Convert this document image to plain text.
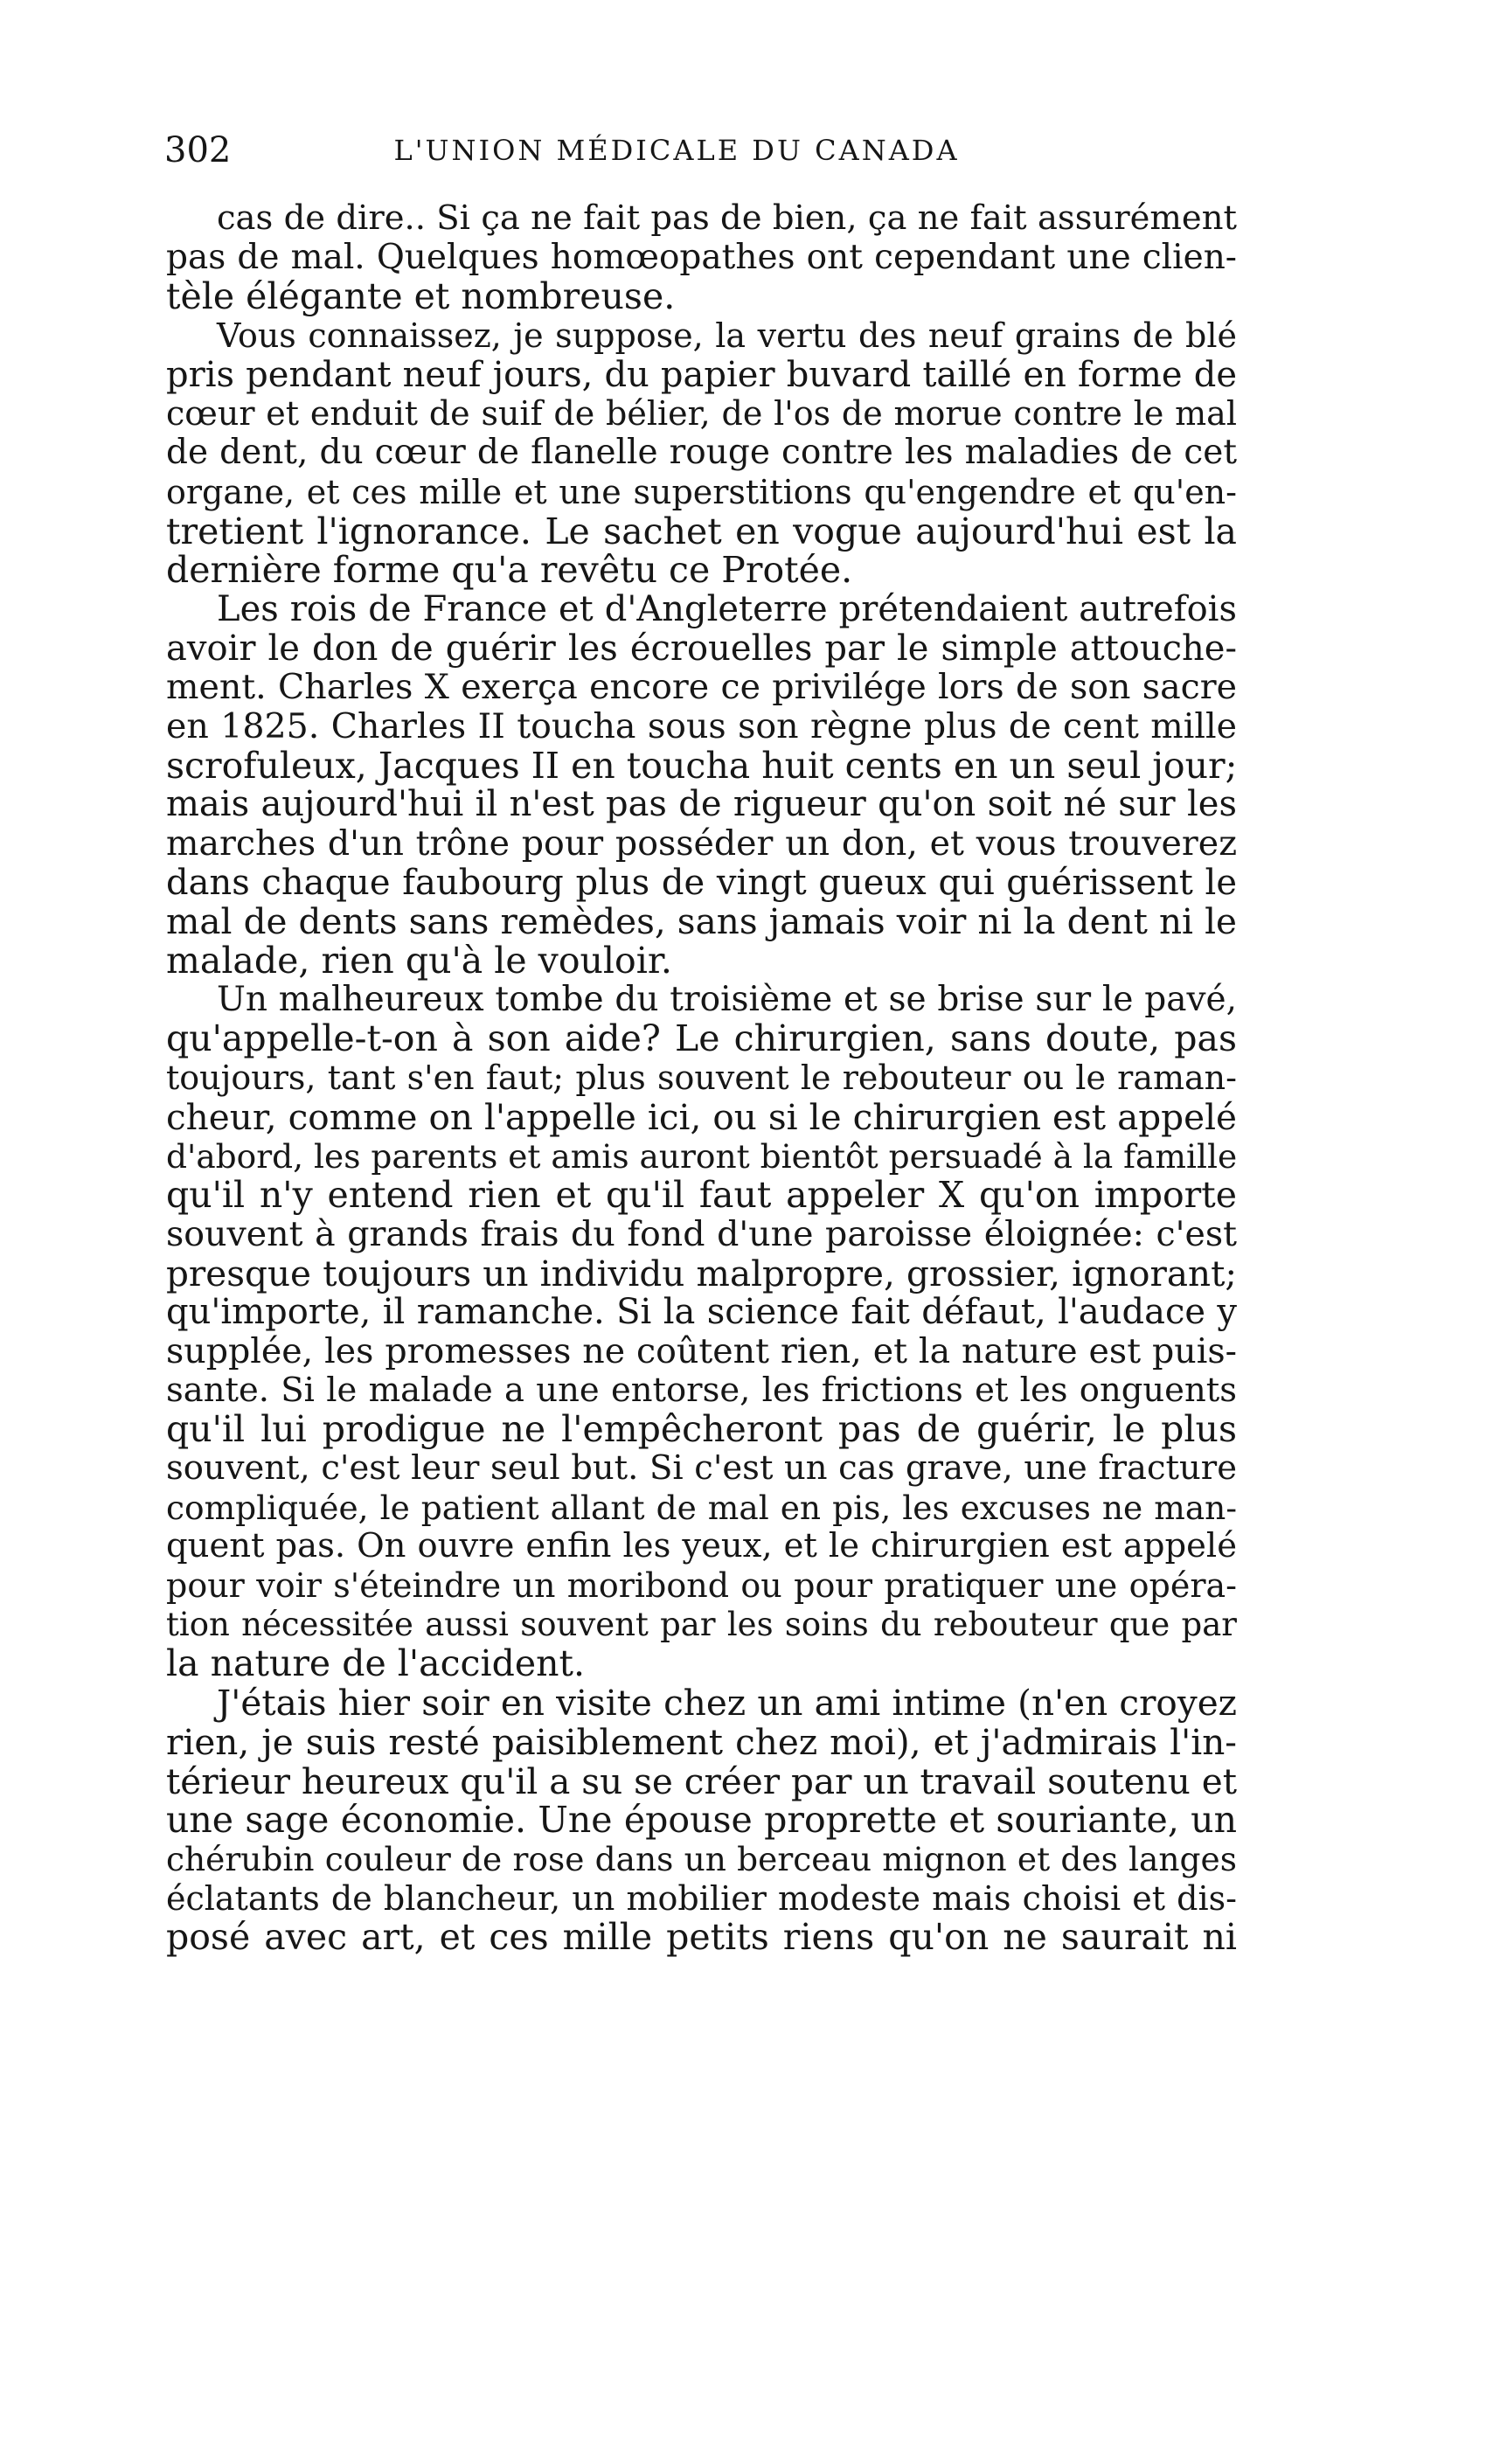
302	L'UNION MÉDICALE DU CANADA
cas de dire.. Si ça ne fait pas de bien, ça ne fait assurément
pas de mal. Quelques homœopathes ont cependant une clien-
tèle élégante et nombreuse.
Vous connaissez, je suppose, la vertu des neuf grains de blé
pris pendant neuf jours, du papier buvard taillé en forme de
cœur et enduit de suif de bélier, de l'os de morue contre le mal
de dent, du cœur de flanelle rouge contre les maladies de cet
organe, et ces mille et une superstitions qu'engendre et qu'en-
tretient l'ignorance. Le sachet en vogue aujourd'hui est la
dernière forme qu'a revêtu ce Protée.
Les rois de France et d'Angleterre prétendaient autrefois
avoir le don de guérir les écrouelles par le simple attouche-
ment. Charles X exerça encore ce privilége lors de son sacre
en 1825. Charles II toucha sous son règne plus de cent mille
scrofuleux, Jacques II en toucha huit cents en un seul jour;
mais aujourd'hui il n'est pas de rigueur qu'on soit né sur les
marches d'un trône pour posséder un don, et vous trouverez
dans chaque faubourg plus de vingt gueux qui guérissent le
mal de dents sans remèdes, sans jamais voir ni la dent ni le
malade, rien qu'à le vouloir.
Un malheureux tombe du troisième et se brise sur le pavé,
qu'appelle-t-on à son aide? Le chirurgien, sans doute, pas
toujours, tant s'en faut; plus souvent le rebouteur ou le raman-
cheur, comme on l'appelle ici, ou si le chirurgien est appelé
d'abord, les parents et amis auront bientôt persuadé à la famille
qu'il n'y entend rien et qu'il faut appeler X qu'on importe
souvent à grands frais du fond d'une paroisse éloignée: c'est
presque toujours un individu malpropre, grossier, ignorant;
qu'importe, il ramanche. Si la science fait défaut, l'audace y
supplée, les promesses ne coûtent rien, et la nature est puis-
sante. Si le malade a une entorse, les frictions et les onguents
qu'il lui prodigue ne l'empêcheront pas de guérir, le plus
souvent, c'est leur seul but. Si c'est un cas grave, une fracture
compliquée, le patient allant de mal en pis, les excuses ne man-
quent pas. On ouvre enfin les yeux, et le chirurgien est appelé
pour voir s'éteindre un moribond ou pour pratiquer une opéra-
tion nécessitée aussi souvent par les soins du rebouteur que par
la nature de l'accident.
J'étais hier soir en visite chez un ami intime (n'en croyez
rien, je suis resté paisiblement chez moi), et j'admirais l'in-
térieur heureux qu'il a su se créer par un travail soutenu et
une sage économie. Une épouse proprette et souriante, un
chérubin couleur de rose dans un berceau mignon et des langes
éclatants de blancheur, un mobilier modeste mais choisi et dis-
posé avec art, et ces mille petits riens qu'on ne saurait ni
